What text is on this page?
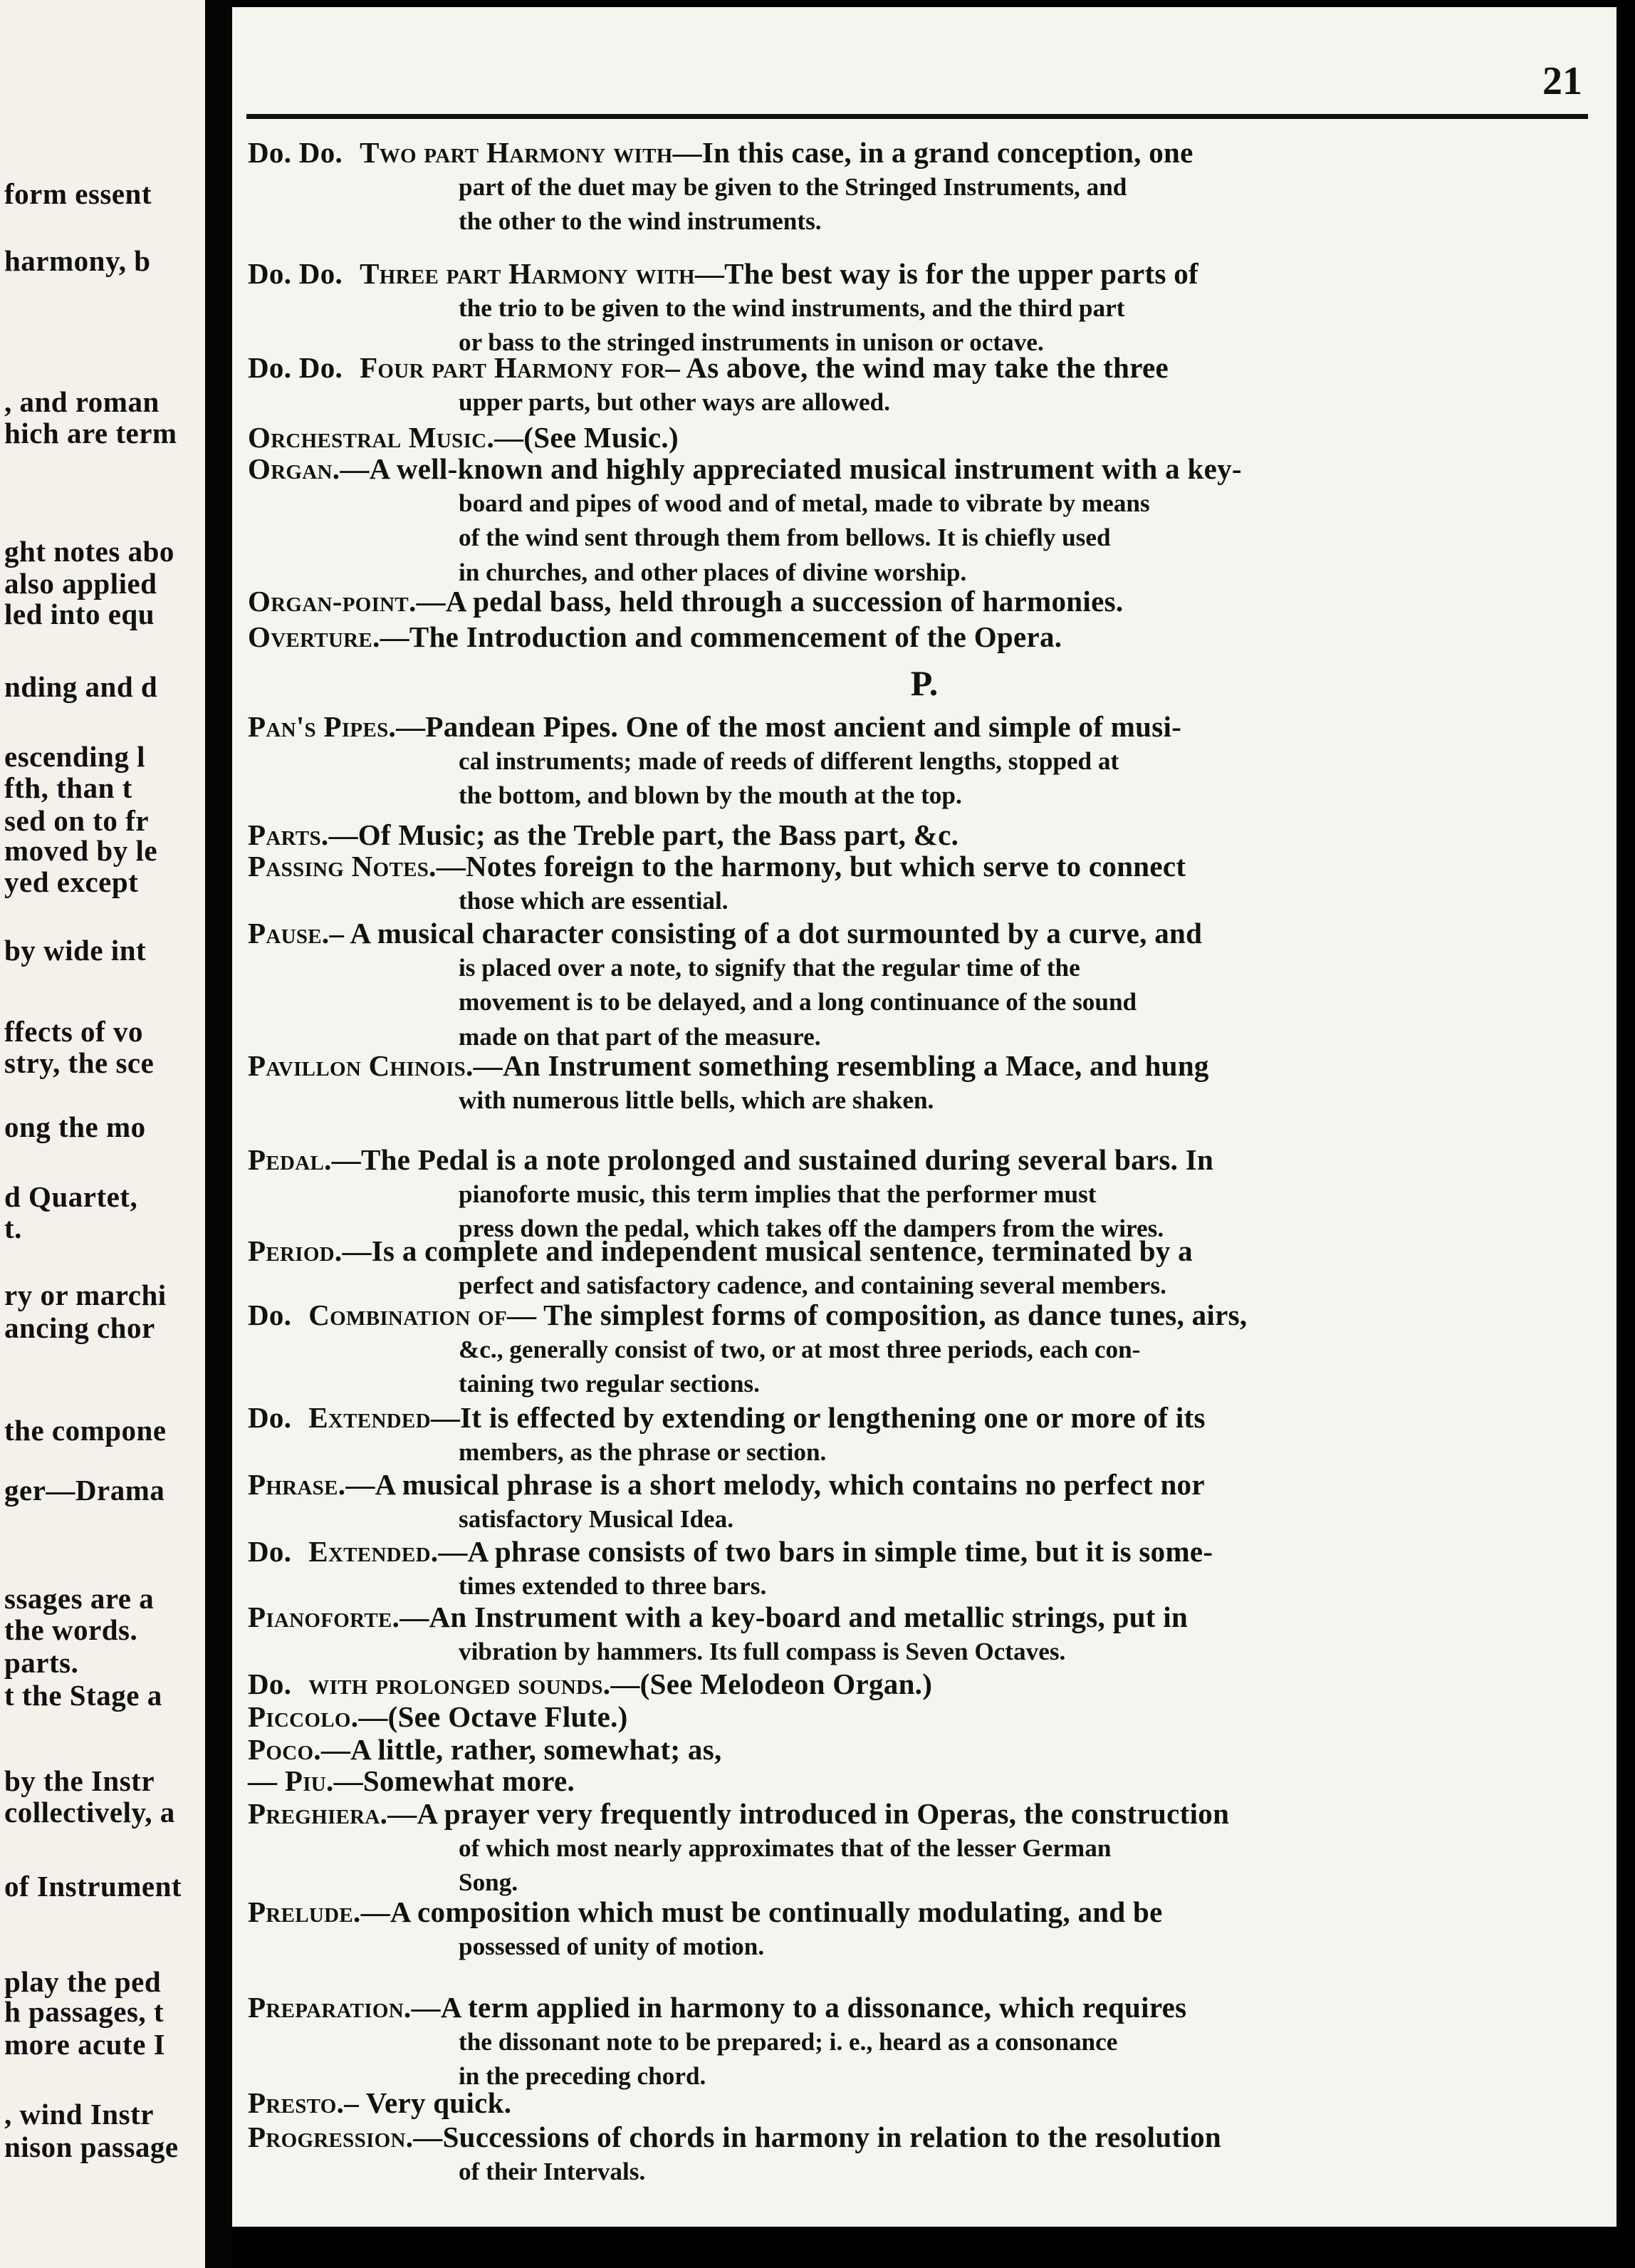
form essent
harmony, b
, and roman
hich are term
ght notes abo
also applied
led into equ
nding and d
escending l
fth, than t
sed on to fr
moved by le
yed except
by wide int
ffects of vo
stry, the sce
ong the mo
d Quartet,
t.
ry or marchi
ancing chor
the compone
ger—Drama
ssages are a
the words.
parts.
t the Stage a
by the Instr
collectively, a
of Instrument
play the ped
h passages, t
more acute I
, wind Instr
nison passage
21
P.
Do. Do. Two part Harmony with—In this case, in a grand conception, one
part of the duet may be given to the Stringed Instruments, and
the other to the wind instruments.
Do. Do. Three part Harmony with—The best way is for the upper parts of
the trio to be given to the wind instruments, and the third part
or bass to the stringed instruments in unison or octave.
Do. Do. Four part Harmony for– As above, the wind may take the three
upper parts, but other ways are allowed.
Orchestral Music.—(See Music.)
Organ.—A well-known and highly appreciated musical instrument with a key-
board and pipes of wood and of metal, made to vibrate by means
of the wind sent through them from bellows. It is chiefly used
in churches, and other places of divine worship.
Organ-point.—A pedal bass, held through a succession of harmonies.
Overture.—The Introduction and commencement of the Opera.
Pan's Pipes.—Pandean Pipes. One of the most ancient and simple of musi-
cal instruments; made of reeds of different lengths, stopped at
the bottom, and blown by the mouth at the top.
Parts.—Of Music; as the Treble part, the Bass part, &c.
Passing Notes.—Notes foreign to the harmony, but which serve to connect
those which are essential.
Pause.– A musical character consisting of a dot surmounted by a curve, and
is placed over a note, to signify that the regular time of the
movement is to be delayed, and a long continuance of the sound
made on that part of the measure.
Pavillon Chinois.—An Instrument something resembling a Mace, and hung
with numerous little bells, which are shaken.
Pedal.—The Pedal is a note prolonged and sustained during several bars. In
pianoforte music, this term implies that the performer must
press down the pedal, which takes off the dampers from the wires.
Period.—Is a complete and independent musical sentence, terminated by a
perfect and satisfactory cadence, and containing several members.
Do. Combination of— The simplest forms of composition, as dance tunes, airs,
&c., generally consist of two, or at most three periods, each con-
taining two regular sections.
Do. Extended—It is effected by extending or lengthening one or more of its
members, as the phrase or section.
Phrase.—A musical phrase is a short melody, which contains no perfect nor
satisfactory Musical Idea.
Do. Extended.—A phrase consists of two bars in simple time, but it is some-
times extended to three bars.
Pianoforte.—An Instrument with a key-board and metallic strings, put in
vibration by hammers. Its full compass is Seven Octaves.
Do. with prolonged sounds.—(See Melodeon Organ.)
Piccolo.—(See Octave Flute.)
Poco.—A little, rather, somewhat; as,
— Piu.—Somewhat more.
Preghiera.—A prayer very frequently introduced in Operas, the construction
of which most nearly approximates that of the lesser German
Song.
Prelude.—A composition which must be continually modulating, and be
possessed of unity of motion.
Preparation.—A term applied in harmony to a dissonance, which requires
the dissonant note to be prepared; i. e., heard as a consonance
in the preceding chord.
Presto.– Very quick.
Progression.—Successions of chords in harmony in relation to the resolution
of their Intervals.
